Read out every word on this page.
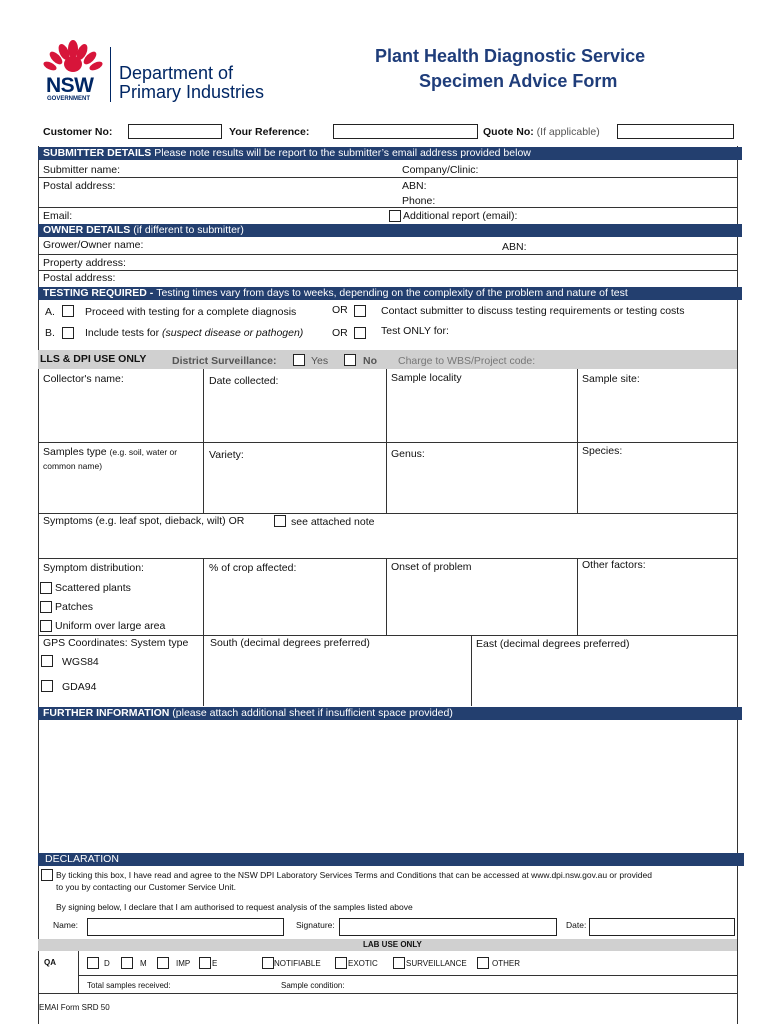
NSW
GOVERNMENT
Department of
Primary Industries
Plant Health Diagnostic Service
Specimen Advice Form
Customer No:	Your Reference:	Quote No: (If applicable)
SUBMITTER DETAILS Please note results will be report to the submitter’s email address provided below
Submitter name:	Company/Clinic:
Postal address:	ABN:
Phone:
Email:	Additional report (email):
OWNER DETAILS (if different to submitter)
Grower/Owner name:	ABN:
Property address:
Postal address:
TESTING REQUIRED - Testing times vary from days to weeks, depending on the complexity of the problem and nature of test
A.	Proceed with testing for a complete diagnosis	OR	Contact submitter to discuss testing requirements or testing costs
B.	Include tests for (suspect disease or pathogen)	OR	Test ONLY for:
LLS & DPI USE ONLY District Surveillance:	Yes	No Charge to WBS/Project code:
Collector's name:	Date collected:	Sample locality	Sample site:
Samples type (e.g. soil, water or
common name)
Variety:	Genus:	Species:
Symptoms (e.g. leaf spot, dieback, wilt) OR	see attached note
Symptom distribution:	% of crop affected:	Onset of problem	Other factors:
Scattered plants
Patches
Uniform over large area
GPS Coordinates: System type South (decimal degrees preferred)	East (decimal degrees preferred)
WGS84
GDA94
FURTHER INFORMATION (please attach additional sheet if insufficient space provided)
DECLARATION
By ticking this box, I have read and agree to the NSW DPI Laboratory Services Terms and Conditions that can be accessed at www.dpi.nsw.gov.au or provided
to you by contacting our Customer Service Unit.
By signing below, I declare that I am authorised to request analysis of the samples listed above
Name:	Signature:	Date:
LAB USE ONLY
QA	D	M	IMP	E	NOTIFIABLE	EXOTIC	SURVEILLANCE	OTHER
Total samples received:	Sample condition:
EMAI Form SRD 50
